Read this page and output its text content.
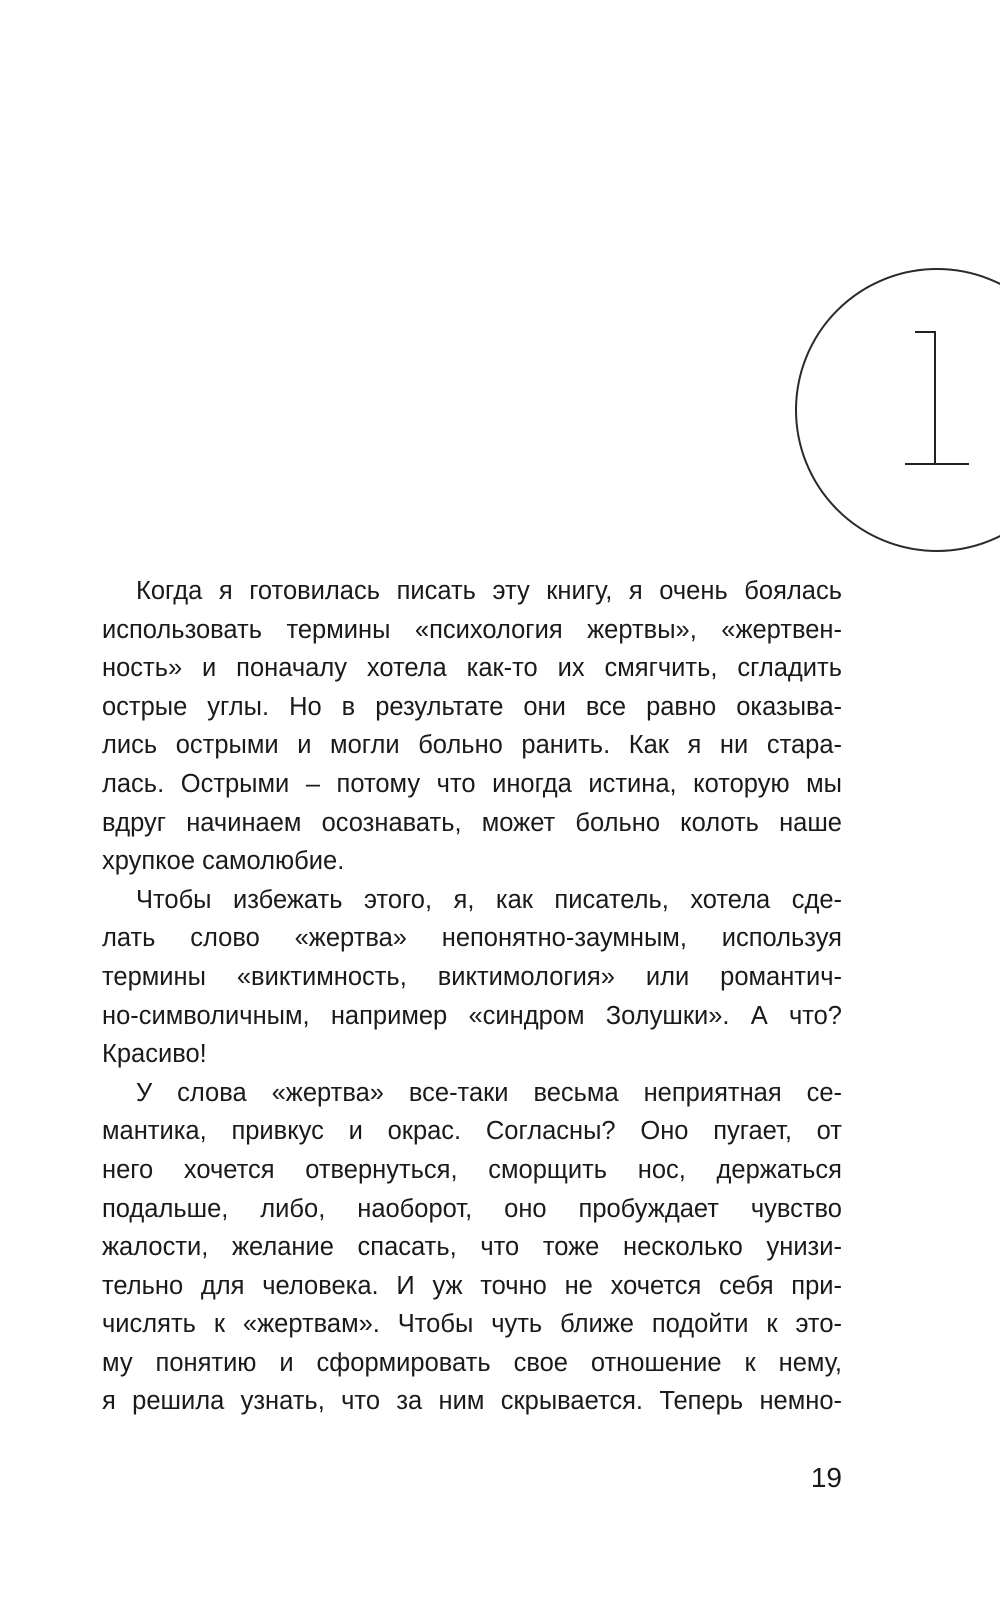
Когда я готовилась писать эту книгу, я очень боялась
использовать термины «психология жертвы», «жертвен-
ность» и поначалу хотела как-то их смягчить, сгладить
острые углы. Но в результате они все равно оказыва-
лись острыми и могли больно ранить. Как я ни стара-
лась. Острыми – потому что иногда истина, которую мы
вдруг начинаем осознавать, может больно колоть наше
хрупкое самолюбие.
Чтобы избежать этого, я, как писатель, хотела сде-
лать слово «жертва» непонятно-заумным, используя
термины «виктимность, виктимология» или романтич-
но-символичным, например «синдром Золушки». А что?
Красиво!
У слова «жертва» все-таки весьма неприятная се-
мантика, привкус и окрас. Согласны? Оно пугает, от
него хочется отвернуться, сморщить нос, держаться
подальше, либо, наоборот, оно пробуждает чувство
жалости, желание спасать, что тоже несколько унизи-
тельно для человека. И уж точно не хочется себя при-
числять к «жертвам». Чтобы чуть ближе подойти к это-
му понятию и сформировать свое отношение к нему,
я решила узнать, что за ним скрывается. Теперь немно-
19
